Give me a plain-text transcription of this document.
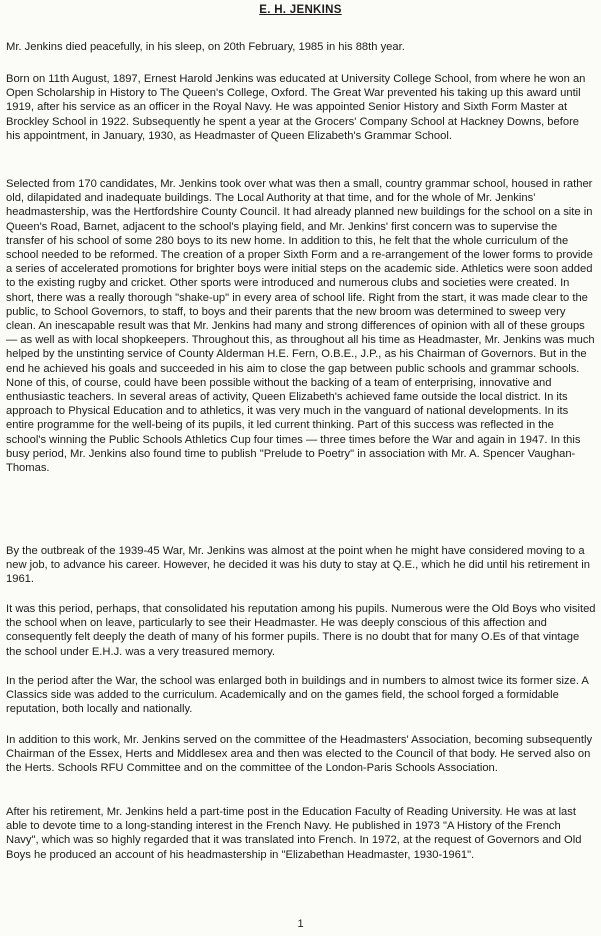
E. H. JENKINS

Mr. Jenkins died peacefully, in his sleep, on 20th February, 1985 in his 88th year.

Born on 11th August, 1897, Ernest Harold Jenkins was educated at University College School, from where he won an Open Scholarship in History to The Queen's College, Oxford. The Great War prevented his taking up this award until 1919, after his service as an officer in the Royal Navy. He was appointed Senior History and Sixth Form Master at Brockley School in 1922. Subsequently he spent a year at the Grocers' Company School at Hackney Downs, before his appointment, in January, 1930, as Headmaster of Queen Elizabeth's Grammar School.

Selected from 170 candidates, Mr. Jenkins took over what was then a small, country grammar school, housed in rather old, dilapidated and inadequate buildings. The Local Authority at that time, and for the whole of Mr. Jenkins' headmastership, was the Hertfordshire County Council. It had already planned new buildings for the school on a site in Queen's Road, Barnet, adjacent to the school's playing field, and Mr. Jenkins' first concern was to supervise the transfer of his school of some 280 boys to its new home. In addition to this, he felt that the whole curriculum of the school needed to be reformed. The creation of a proper Sixth Form and a re-arrangement of the lower forms to provide a series of accelerated promotions for brighter boys were initial steps on the academic side. Athletics were soon added to the existing rugby and cricket. Other sports were introduced and numerous clubs and societies were created. In short, there was a really thorough "shake-up" in every area of school life. Right from the start, it was made clear to the public, to School Governors, to staff, to boys and their parents that the new broom was determined to sweep very clean. An inescapable result was that Mr. Jenkins had many and strong differences of opinion with all of these groups — as well as with local shopkeepers. Throughout this, as throughout all his time as Headmaster, Mr. Jenkins was much helped by the unstinting service of County Alderman H.E. Fern, O.B.E., J.P., as his Chairman of Governors. But in the end he achieved his goals and succeeded in his aim to close the gap between public schools and grammar schools. None of this, of course, could have been possible without the backing of a team of enterprising, innovative and enthusiastic teachers. In several areas of activity, Queen Elizabeth's achieved fame outside the local district. In its approach to Physical Education and to athletics, it was very much in the vanguard of national developments. In its entire programme for the well-being of its pupils, it led current thinking. Part of this success was reflected in the school's winning the Public Schools Athletics Cup four times — three times before the War and again in 1947. In this busy period, Mr. Jenkins also found time to publish "Prelude to Poetry" in association with Mr. A. Spencer Vaughan-Thomas.

By the outbreak of the 1939-45 War, Mr. Jenkins was almost at the point when he might have considered moving to a new job, to advance his career. However, he decided it was his duty to stay at Q.E., which he did until his retirement in 1961.

It was this period, perhaps, that consolidated his reputation among his pupils. Numerous were the Old Boys who visited the school when on leave, particularly to see their Headmaster. He was deeply conscious of this affection and consequently felt deeply the death of many of his former pupils. There is no doubt that for many O.Es of that vintage the school under E.H.J. was a very treasured memory.

In the period after the War, the school was enlarged both in buildings and in numbers to almost twice its former size. A Classics side was added to the curriculum. Academically and on the games field, the school forged a formidable reputation, both locally and nationally.

In addition to this work, Mr. Jenkins served on the committee of the Headmasters' Association, becoming subsequently Chairman of the Essex, Herts and Middlesex area and then was elected to the Council of that body. He served also on the Herts. Schools RFU Committee and on the committee of the London-Paris Schools Association.

After his retirement, Mr. Jenkins held a part-time post in the Education Faculty of Reading University. He was at last able to devote time to a long-standing interest in the French Navy. He published in 1973 "A History of the French Navy", which was so highly regarded that it was translated into French. In 1972, at the request of Governors and Old Boys he produced an account of his headmastership in "Elizabethan Headmaster, 1930-1961".

1
